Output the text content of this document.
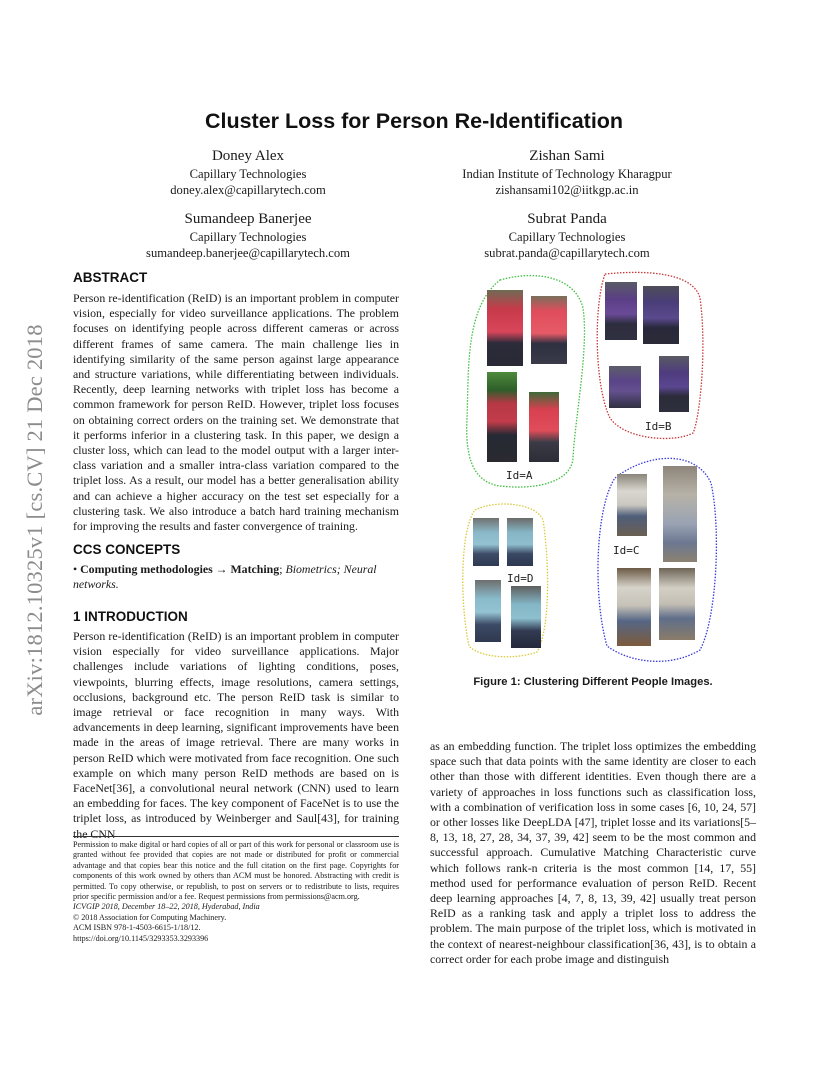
arXiv:1812.10325v1 [cs.CV] 21 Dec 2018
Cluster Loss for Person Re-Identification
Doney Alex
Capillary Technologies
doney.alex@capillarytech.com
Zishan Sami
Indian Institute of Technology Kharagpur
zishansami102@iitkgp.ac.in
Sumandeep Banerjee
Capillary Technologies
sumandeep.banerjee@capillarytech.com
Subrat Panda
Capillary Technologies
subrat.panda@capillarytech.com
ABSTRACT

Person re-identification (ReID) is an important problem in computer vision, especially for video surveillance applications. The problem focuses on identifying people across different cameras or across different frames of same camera. The main challenge lies in identifying similarity of the same person against large appearance and structure variations, while differentiating between individuals. Recently, deep learning networks with triplet loss has become a common framework for person ReID. However, triplet loss focuses on obtaining correct orders on the training set. We demonstrate that it performs inferior in a clustering task. In this paper, we design a cluster loss, which can lead to the model output with a larger inter-class variation and a smaller intra-class variation compared to the triplet loss. As a result, our model has a better generalisation ability and can achieve a higher accuracy on the test set especially for a clustering task. We also introduce a batch hard training mechanism for improving the results and faster convergence of training.

CCS CONCEPTS
• Computing methodologies → Matching; Biometrics; Neural networks.
1 INTRODUCTION

Person re-identification (ReID) is an important problem in computer vision especially for video surveillance applications. Major challenges include variations of lighting conditions, poses, viewpoints, blurring effects, image resolutions, camera settings, occlusions, background etc. The person ReID task is similar to image retrieval or face recognition in many ways. With advancements in deep learning, significant improvements have been made in the areas of image retrieval. There are many works in person ReID which were motivated from face recognition. One such example on which many person ReID methods are based on is FaceNet[36], a convolutional neural network (CNN) used to learn an embedding for faces. The key component of FaceNet is to use the triplet loss, as introduced by Weinberger and Saul[43], for training the CNN

Permission to make digital or hard copies of all or part of this work for personal or classroom use is granted without fee provided that copies are not made or distributed for profit or commercial advantage and that copies bear this notice and the full citation on the first page. Copyrights for components of this work owned by others than ACM must be honored. Abstracting with credit is permitted. To copy otherwise, or republish, to post on servers or to redistribute to lists, requires prior specific permission and/or a fee. Request permissions from permissions@acm.org.

ICVGIP 2018, December 18–22, 2018, Hyderabad, India

© 2018 Association for Computing Machinery.

ACM ISBN 978-1-4503-6615-1/18/12.

https://doi.org/10.1145/3293353.3293396

Id=A
Id=B
Id=C
Id=D
Figure 1: Clustering Different People Images.

as an embedding function. The triplet loss optimizes the embedding space such that data points with the same identity are closer to each other than those with different identities. Even though there are a variety of approaches in loss functions such as classification loss, with a combination of verification loss in some cases [6, 10, 24, 57] or other losses like DeepLDA [47], triplet losse and its variations[5–8, 13, 18, 27, 28, 34, 37, 39, 42] seem to be the most common and successful approach. Cumulative Matching Characteristic curve which follows rank-n criteria is the most common [14, 17, 55] method used for performance evaluation of person ReID. Recent deep learning approaches [4, 7, 8, 13, 39, 42] usually treat person ReID as a ranking task and apply a triplet loss to address the problem. The main purpose of the triplet loss, which is motivated in the context of nearest-neighbour classification[36, 43], is to obtain a correct order for each probe image and distinguish
